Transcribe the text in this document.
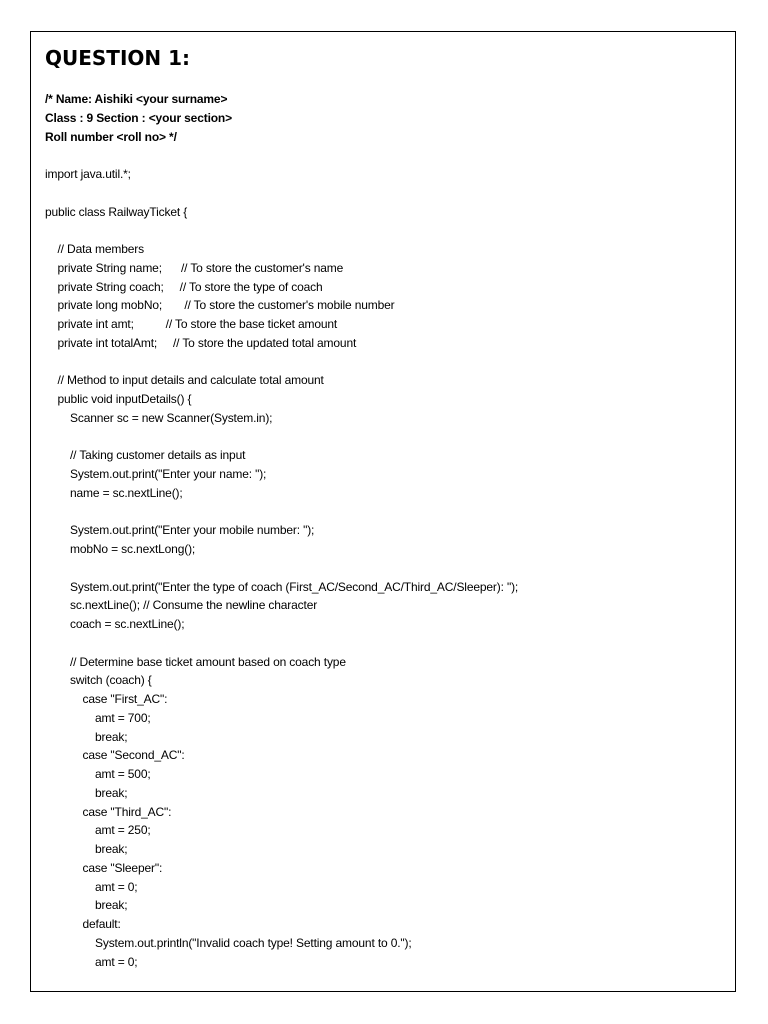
QUESTION 1:
/* Name: Aishiki <your surname>
Class : 9 Section : <your section>
Roll number <roll no> */
import java.util.*;
public class RailwayTicket {
// Data members
private String name;      // To store the customer's name
private String coach;     // To store the type of coach
private long mobNo;       // To store the customer's mobile number
private int amt;          // To store the base ticket amount
private int totalAmt;     // To store the updated total amount
// Method to input details and calculate total amount
public void inputDetails() {
Scanner sc = new Scanner(System.in);
// Taking customer details as input
System.out.print("Enter your name: ");
name = sc.nextLine();
System.out.print("Enter your mobile number: ");
mobNo = sc.nextLong();
System.out.print("Enter the type of coach (First_AC/Second_AC/Third_AC/Sleeper): ");
sc.nextLine(); // Consume the newline character
coach = sc.nextLine();
// Determine base ticket amount based on coach type
switch (coach) {
case "First_AC":
amt = 700;
break;
case "Second_AC":
amt = 500;
break;
case "Third_AC":
amt = 250;
break;
case "Sleeper":
amt = 0;
break;
default:
System.out.println("Invalid coach type! Setting amount to 0.");
amt = 0;
